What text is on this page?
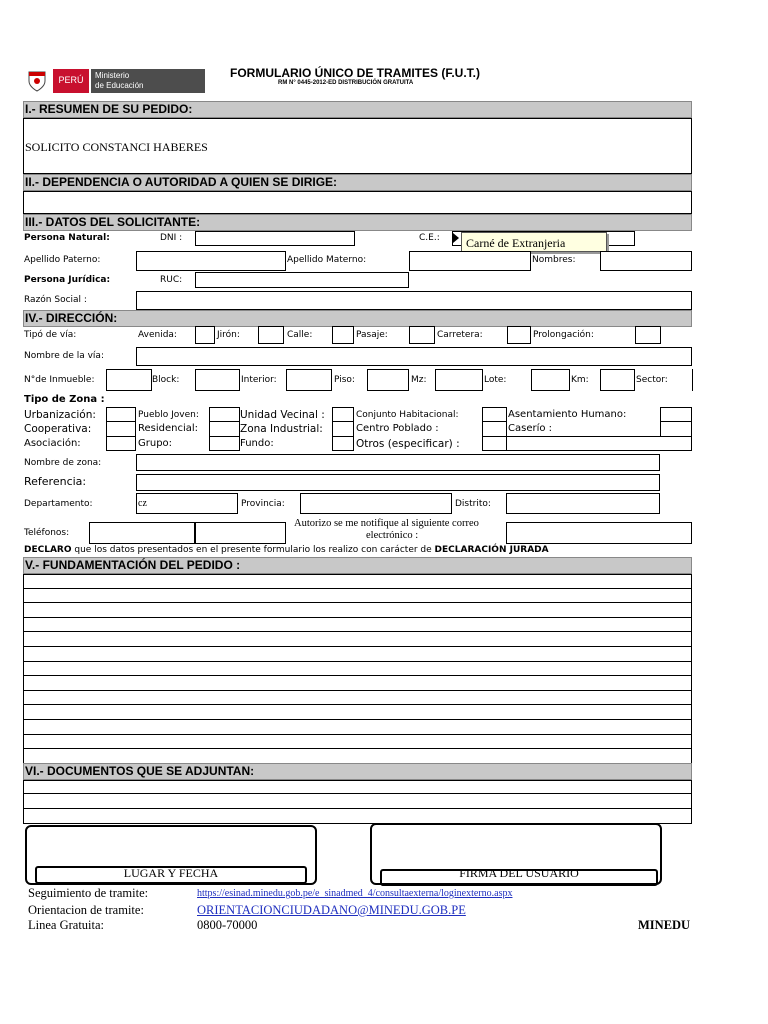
PERÚ	Ministerio
de Educación
FORMULARIO ÚNICO DE TRAMITES (F.U.T.)
RM N° 0445-2012-ED DISTRIBUCIÓN GRATUITA
I.- RESUMEN DE SU PEDIDO:
SOLICITO CONSTANCI HABERES
II.- DEPENDENCIA O AUTORIDAD A QUIEN SE DIRIGE:
III.- DATOS DEL SOLICITANTE:
Persona Natural:	DNI :	C.E.: Carné de Extranjeria
Apellido Paterno:	Apellido Materno:	Nombres:
Persona Jurídica:	RUC:
Razón Social :
IV.- DIRECCIÓN:
Tipó de vía:	Avenida:	Jirón:	Calle:	Pasaje:	Carretera:	Prolongación:
Nombre de la vía:
N°de Inmueble:	Block:	Interior:	Piso:	Mz:	Lote:	Km:	Sector:
Tipo de Zona :
Urbanización:	Pueblo Joven:	Unidad Vecinal :	Conjunto Habitacional:	Asentamiento Humano:
Cooperativa:	Residencial:	Zona Industrial:	Centro Poblado :	Caserío :
Asociación:	Grupo:	Fundo:	Otros (especificar) :
Nombre de zona:
Referencia:
Departamento:	cz	Provincia:	Distrito:
Teléfonos:
Autorizo se me notifique al siguiente correo
electrónico :
DECLARO que los datos presentados en el presente formulario los realizo con carácter de DECLARACIÓN JURADA
V.- FUNDAMENTACIÓN DEL PEDIDO :
VI.- DOCUMENTOS QUE SE ADJUNTAN:
LUGAR Y FECHA	FIRMA DEL USUARIO
Seguimiento de tramite:	https://esinad.minedu.gob.pe/e_sinadmed_4/consultaexterna/loginexterno.aspx
Orientacion de tramite:	ORIENTACIONCIUDADANO@MINEDU.GOB.PE
Linea Gratuita:	0800-70000	MINEDU
